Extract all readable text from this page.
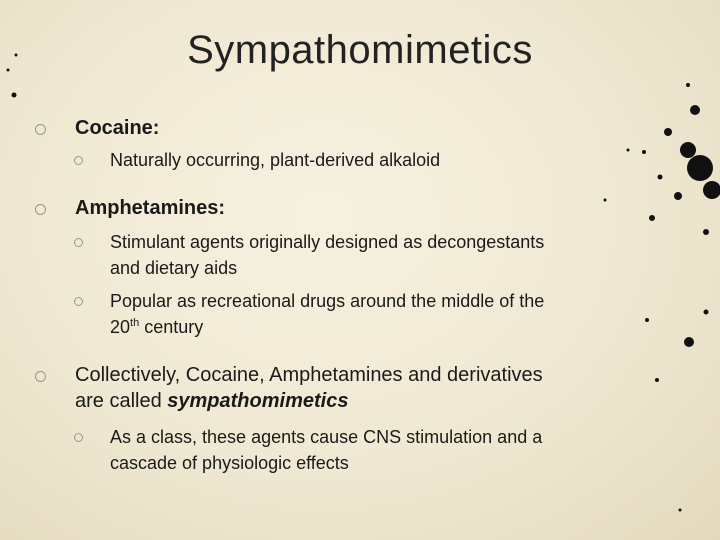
Sympathomimetics
Cocaine:
Naturally occurring, plant-derived alkaloid
Amphetamines:
Stimulant agents originally designed as decongestants
and dietary aids
Popular as recreational drugs around the middle of the
20th century
Collectively, Cocaine, Amphetamines and derivatives
are called sympathomimetics
As a class, these agents cause CNS stimulation and a
cascade of physiologic effects
